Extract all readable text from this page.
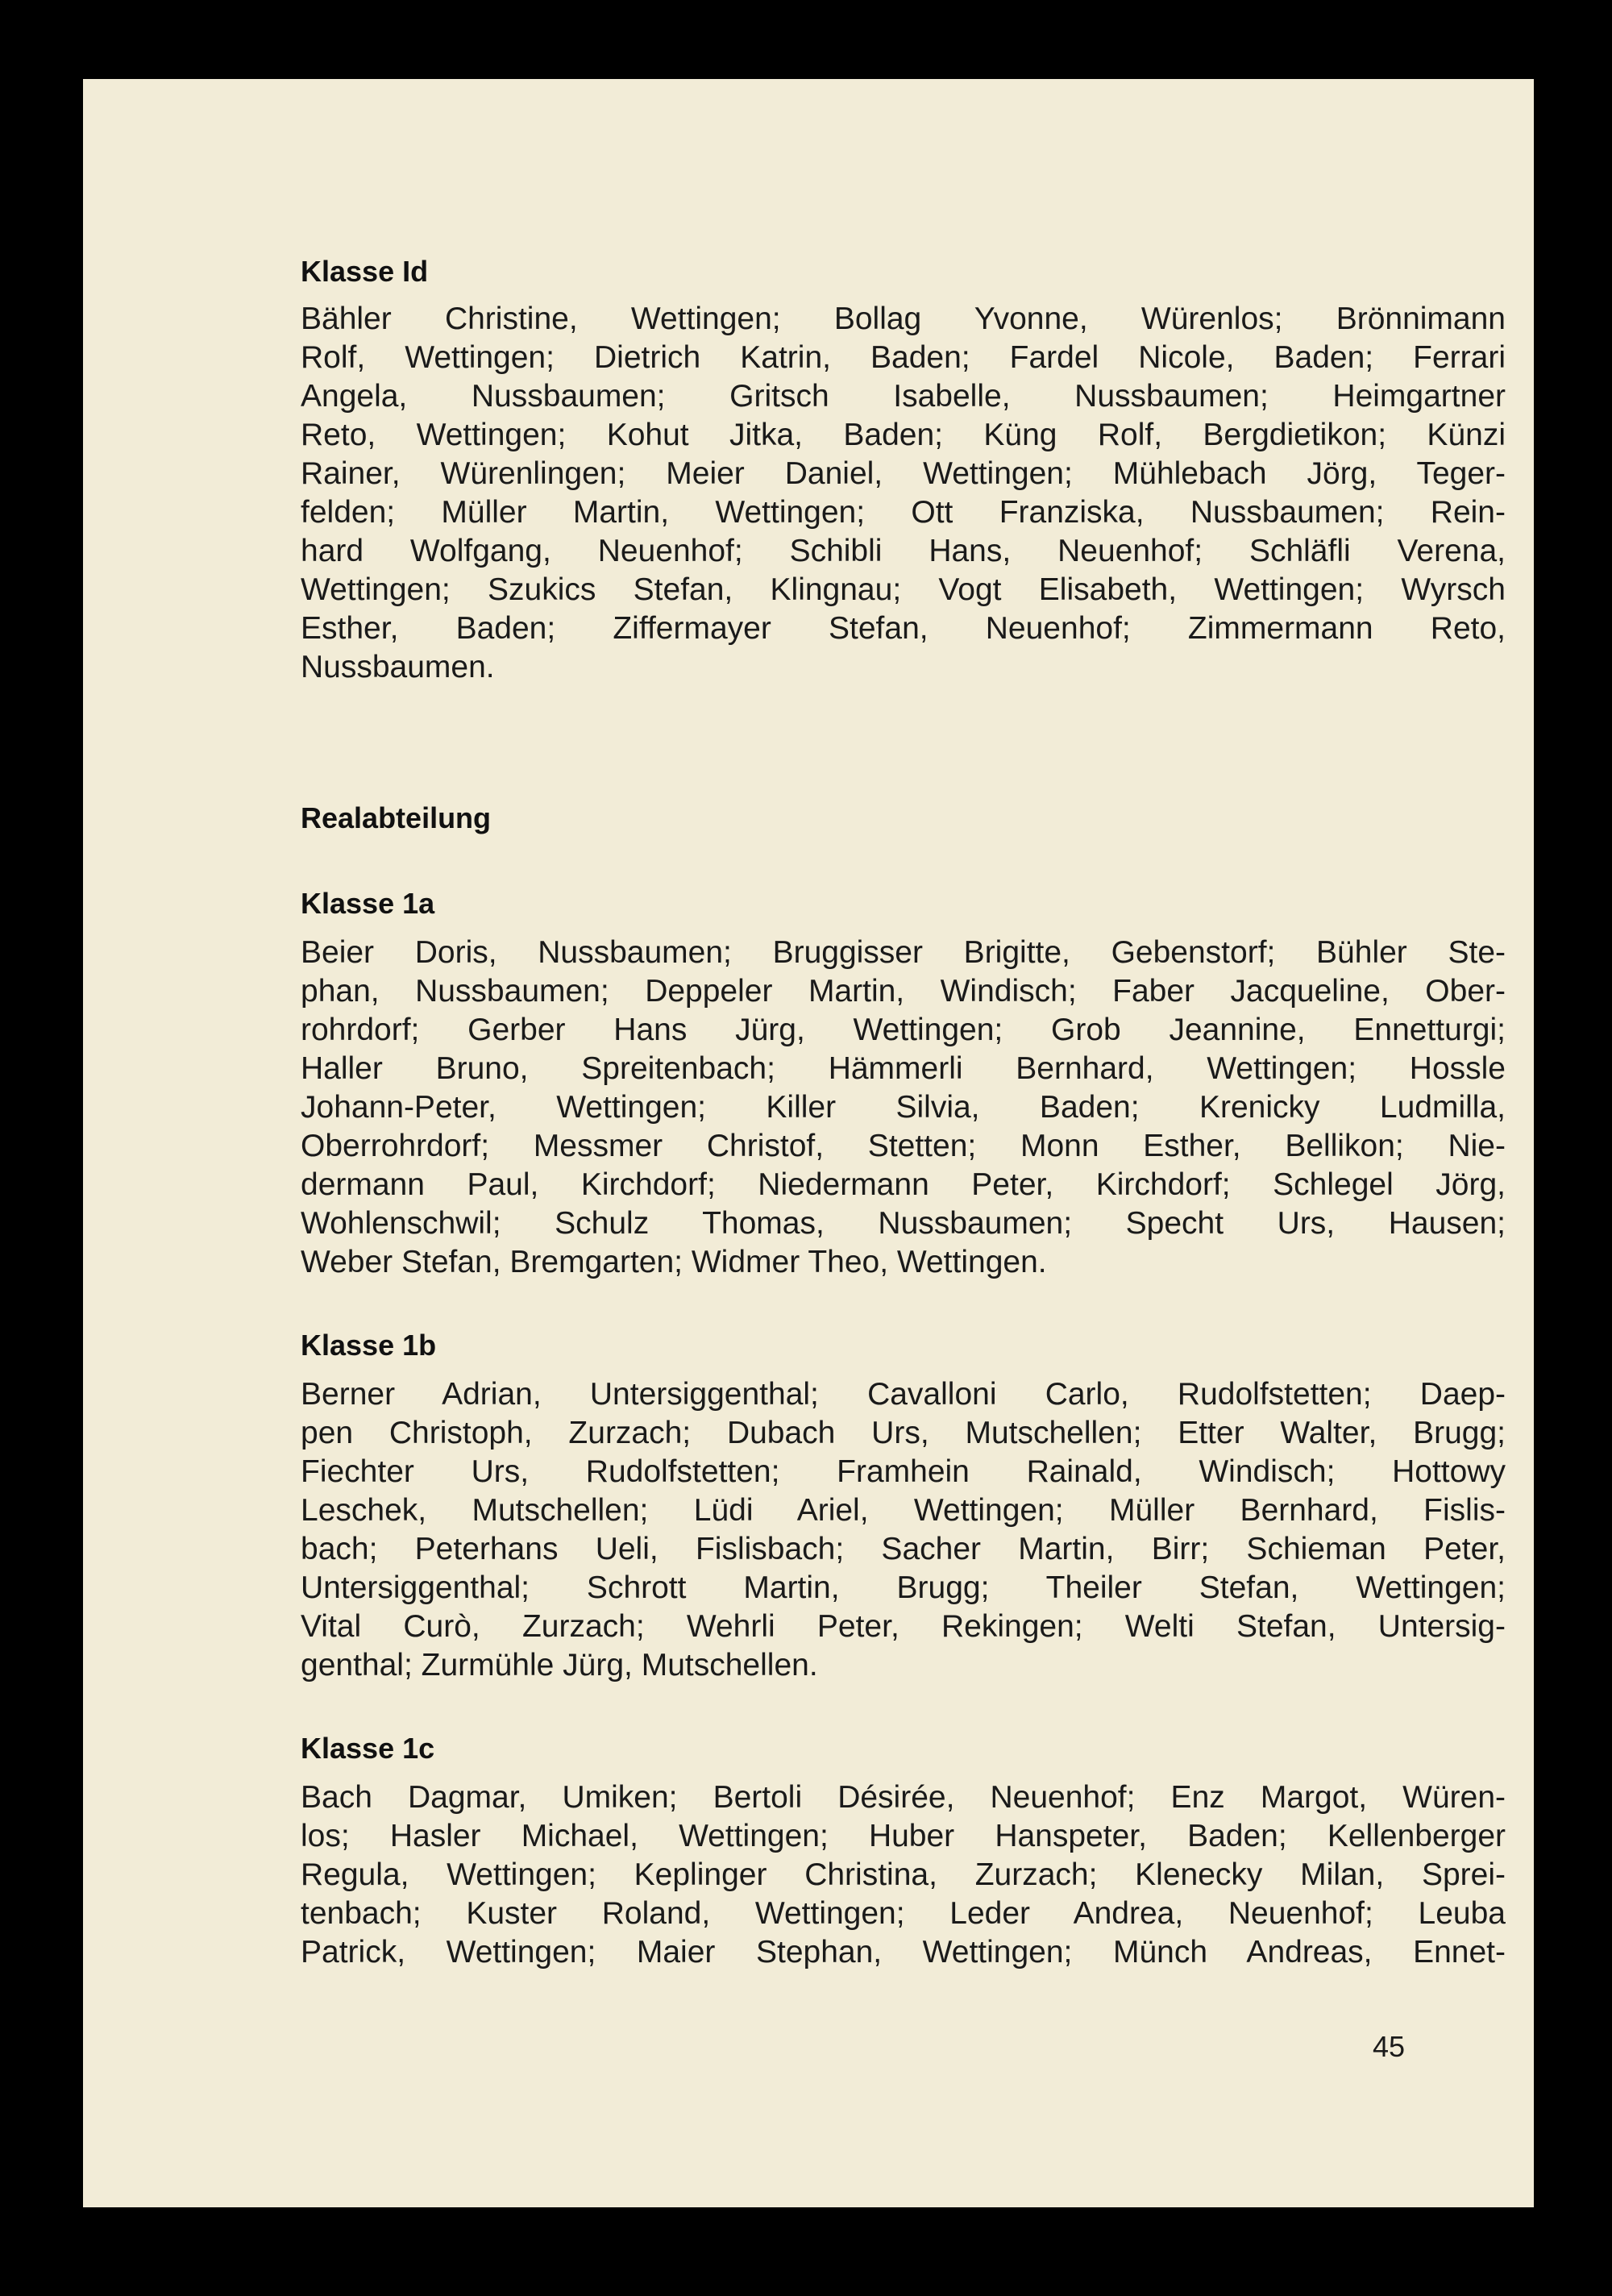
Klasse Id
Bähler Christine, Wettingen; Bollag Yvonne, Würenlos; Brönnimann
Rolf, Wettingen; Dietrich Katrin, Baden; Fardel Nicole, Baden; Ferrari
Angela, Nussbaumen; Gritsch Isabelle, Nussbaumen; Heimgartner
Reto, Wettingen; Kohut Jitka, Baden; Küng Rolf, Bergdietikon; Künzi
Rainer, Würenlingen; Meier Daniel, Wettingen; Mühlebach Jörg, Teger-
felden; Müller Martin, Wettingen; Ott Franziska, Nussbaumen; Rein-
hard Wolfgang, Neuenhof; Schibli Hans, Neuenhof; Schläfli Verena,
Wettingen; Szukics Stefan, Klingnau; Vogt Elisabeth, Wettingen; Wyrsch
Esther, Baden; Ziffermayer Stefan, Neuenhof; Zimmermann Reto,
Nussbaumen.
Realabteilung
Klasse 1a
Beier Doris, Nussbaumen; Bruggisser Brigitte, Gebenstorf; Bühler Ste-
phan, Nussbaumen; Deppeler Martin, Windisch; Faber Jacqueline, Ober-
rohrdorf; Gerber Hans Jürg, Wettingen; Grob Jeannine, Ennetturgi;
Haller Bruno, Spreitenbach; Hämmerli Bernhard, Wettingen; Hossle
Johann-Peter, Wettingen; Killer Silvia, Baden; Krenicky Ludmilla,
Oberrohrdorf; Messmer Christof, Stetten; Monn Esther, Bellikon; Nie-
dermann Paul, Kirchdorf; Niedermann Peter, Kirchdorf; Schlegel Jörg,
Wohlenschwil; Schulz Thomas, Nussbaumen; Specht Urs, Hausen;
Weber Stefan, Bremgarten; Widmer Theo, Wettingen.
Klasse 1b
Berner Adrian, Untersiggenthal; Cavalloni Carlo, Rudolfstetten; Daep-
pen Christoph, Zurzach; Dubach Urs, Mutschellen; Etter Walter, Brugg;
Fiechter Urs, Rudolfstetten; Framhein Rainald, Windisch; Hottowy
Leschek, Mutschellen; Lüdi Ariel, Wettingen; Müller Bernhard, Fislis-
bach; Peterhans Ueli, Fislisbach; Sacher Martin, Birr; Schieman Peter,
Untersiggenthal; Schrott Martin, Brugg; Theiler Stefan, Wettingen;
Vital Curò, Zurzach; Wehrli Peter, Rekingen; Welti Stefan, Untersig-
genthal; Zurmühle Jürg, Mutschellen.
Klasse 1c
Bach Dagmar, Umiken; Bertoli Désirée, Neuenhof; Enz Margot, Würen-
los; Hasler Michael, Wettingen; Huber Hanspeter, Baden; Kellenberger
Regula, Wettingen; Keplinger Christina, Zurzach; Klenecky Milan, Sprei-
tenbach; Kuster Roland, Wettingen; Leder Andrea, Neuenhof; Leuba
Patrick, Wettingen; Maier Stephan, Wettingen; Münch Andreas, Ennet-
45
